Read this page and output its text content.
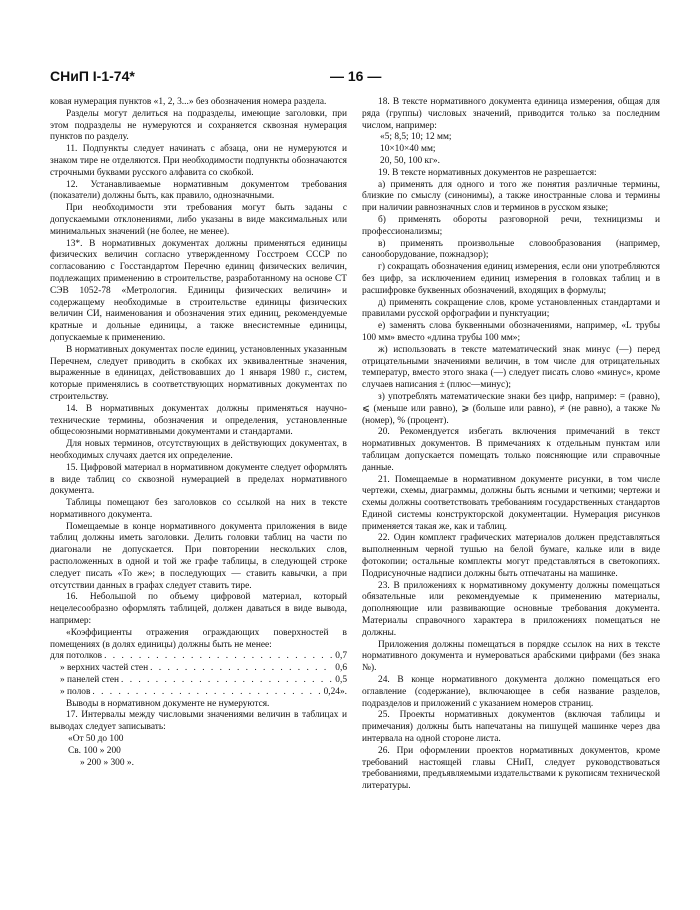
СНиП І-1-74*	— 16 —

ковая нумерация пунктов «1, 2, 3...» без обозначения номера раздела.

Разделы могут делиться на подразделы, имеющие заголовки, при этом подразделы не нумеруются и сохраняется сквозная нумерация пунктов по разделу.

11. Подпункты следует начинать с абзаца, они не нумеруются и знаком тире не отделяются. При необходимости подпункты обозначаются строчными буквами русского алфавита со скобкой.

12. Устанавливаемые нормативным документом требования (показатели) должны быть, как правило, однозначными.

При необходимости эти требования могут быть заданы с допускаемыми отклонениями, либо указаны в виде максимальных или минимальных значений (не более, не менее).

13*. В нормативных документах должны применяться единицы физических величин согласно утвержденному Госстроем СССР по согласованию с Госстандартом Перечню единиц физических величин, подлежащих применению в строительстве, разработанному на основе СТ СЭВ 1052-78 «Метрология. Единицы физических величин» и содержащему необходимые в строительстве единицы физических величин СИ, наименования и обозначения этих единиц, рекомендуемые кратные и дольные единицы, а также внесистемные единицы, допускаемые к применению.

В нормативных документах после единиц, установленных указанным Перечнем, следует приводить в скобках их эквивалентные значения, выраженные в единицах, действовавших до 1 января 1980 г., систем, которые применялись в соответствующих нормативных документах по строительству.

14. В нормативных документах должны применяться научно-технические термины, обозначения и определения, установленные общесоюзными нормативными документами и стандартами.

Для новых терминов, отсутствующих в действующих документах, в необходимых случаях дается их определение.

15. Цифровой материал в нормативном документе следует оформлять в виде таблиц со сквозной нумерацией в пределах нормативного документа.

Таблицы помещают без заголовков со ссылкой на них в тексте нормативного документа.

Помещаемые в конце нормативного документа приложения в виде таблиц должны иметь заголовки. Делить головки таблиц на части по диагонали не допускается. При повторении нескольких слов, расположенных в одной и той же графе таблицы, в следующей строке следует писать «То же»; в последующих — ставить кавычки, а при отсутствии данных в графах следует ставить тире.

16. Небольшой по объему цифровой материал, который нецелесообразно оформлять таблицей, должен даваться в виде вывода, например:

«Коэффициенты отражения ограждающих поверхностей в помещениях (в долях единицы) должны быть не менее:

для потолков . . .	0,7
» верхних частей стен . . .	0,6
» панелей стен . . .	0,5
» полов . . .	0,24».

Выводы в нормативном документе не нумеруются.

17. Интервалы между числовыми значениями величин в таблицах и выводах следует записывать:

«От 50 до 100

Св. 100 » 200

» 200 » 300 ».

18. В тексте нормативного документа единица измерения, общая для ряда (группы) числовых значений, приводится только за последним числом, например:

«5; 8,5; 10; 12 мм;

10×10×40 мм;

20, 50, 100 кг».

19. В тексте нормативных документов не разрешается:

а) применять для одного и того же понятия различные термины, близкие по смыслу (синонимы), а также иностранные слова и термины при наличии равнозначных слов и терминов в русском языке;

б) применять обороты разговорной речи, техницизмы и профессионализмы;

в) применять произвольные словообразования (например, санооборудование, пожнадзор);

г) сокращать обозначения единиц измерения, если они употребляются без цифр, за исключением единиц измерения в головках таблиц и в расшифровке буквенных обозначений, входящих в формулы;

д) применять сокращение слов, кроме установленных стандартами и правилами русской орфографии и пунктуации;

е) заменять слова буквенными обозначениями, например, «L трубы 100 мм» вместо «длина трубы 100 мм»;

ж) использовать в тексте математический знак минус (—) перед отрицательными значениями величин, в том числе для отрицательных температур, вместо этого знака (—) следует писать слово «минус», кроме случаев написания ± (плюс—минус);

з) употреблять математические знаки без цифр, например: = (равно), ⩽ (меньше или равно), ⩾ (больше или равно), ≠ (не равно), а также № (номер), % (процент).

20. Рекомендуется избегать включения примечаний в текст нормативных документов. В примечаниях к отдельным пунктам или таблицам допускается помещать только поясняющие или справочные данные.

21. Помещаемые в нормативном документе рисунки, в том числе чертежи, схемы, диаграммы, должны быть ясными и четкими; чертежи и схемы должны соответствовать требованиям государственных стандартов Единой системы конструкторской документации. Нумерация рисунков применяется такая же, как и таблиц.

22. Один комплект графических материалов должен представляться выполненным черной тушью на белой бумаге, кальке или в виде фотокопии; остальные комплекты могут представляться в светокопиях. Подрисуночные надписи должны быть отпечатаны на машинке.

23. В приложениях к нормативному документу должны помещаться обязательные или рекомендуемые к применению материалы, дополняющие или развивающие основные требования документа. Материалы справочного характера в приложениях помещаться не должны.

Приложения должны помещаться в порядке ссылок на них в тексте нормативного документа и нумероваться арабскими цифрами (без знака №).

24. В конце нормативного документа должно помещаться его оглавление (содержание), включающее в себя название разделов, подразделов и приложений с указанием номеров страниц.

25. Проекты нормативных документов (включая таблицы и примечания) должны быть напечатаны на пишущей машинке через два интервала на одной стороне листа.

26. При оформлении проектов нормативных документов, кроме требований настоящей главы СНиП, следует руководствоваться требованиями, предъявляемыми издательствами к рукописям технической литературы.
